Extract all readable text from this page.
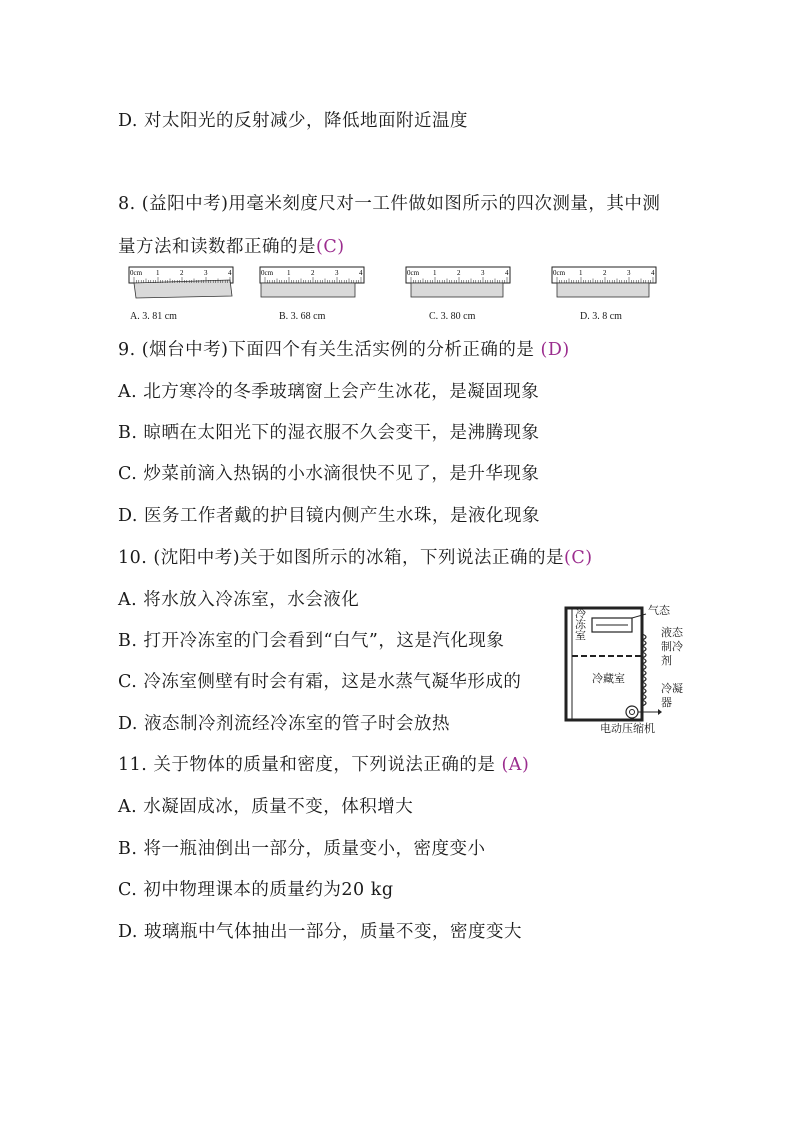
D. 对太阳光的反射减少，降低地面附近温度
8. (益阳中考)用毫米刻度尺对一工件做如图所示的四次测量，其中测
量方法和读数都正确的是(C)
0cm 1	2	3	4
A. 3. 81 cm
0cm 1	2	3	4
B. 3. 68 cm
0cm 1	2	3	4
C. 3. 80 cm
0cm 1	2	3	4
D. 3. 8 cm
9. (烟台中考)下面四个有关生活实例的分析正确的是 (D)
A. 北方寒冷的冬季玻璃窗上会产生冰花，是凝固现象
B. 晾晒在太阳光下的湿衣服不久会变干，是沸腾现象
C. 炒菜前滴入热锅的小水滴很快不见了，是升华现象
D. 医务工作者戴的护目镜内侧产生水珠，是液化现象
10. (沈阳中考)关于如图所示的冰箱，下列说法正确的是(C)
A. 将水放入冷冻室，水会液化
B. 打开冷冻室的门会看到“白气”，这是汽化现象
C. 冷冻室侧壁有时会有霜，这是水蒸气凝华形成的
D. 液态制冷剂流经冷冻室的管子时会放热
冷冻室
冷藏室
气态
液态制冷剂
冷凝器
电动压缩机
11. 关于物体的质量和密度，下列说法正确的是 (A)
A. 水凝固成冰，质量不变，体积增大
B. 将一瓶油倒出一部分，质量变小，密度变小
C. 初中物理课本的质量约为20 kg
D. 玻璃瓶中气体抽出一部分，质量不变，密度变大
